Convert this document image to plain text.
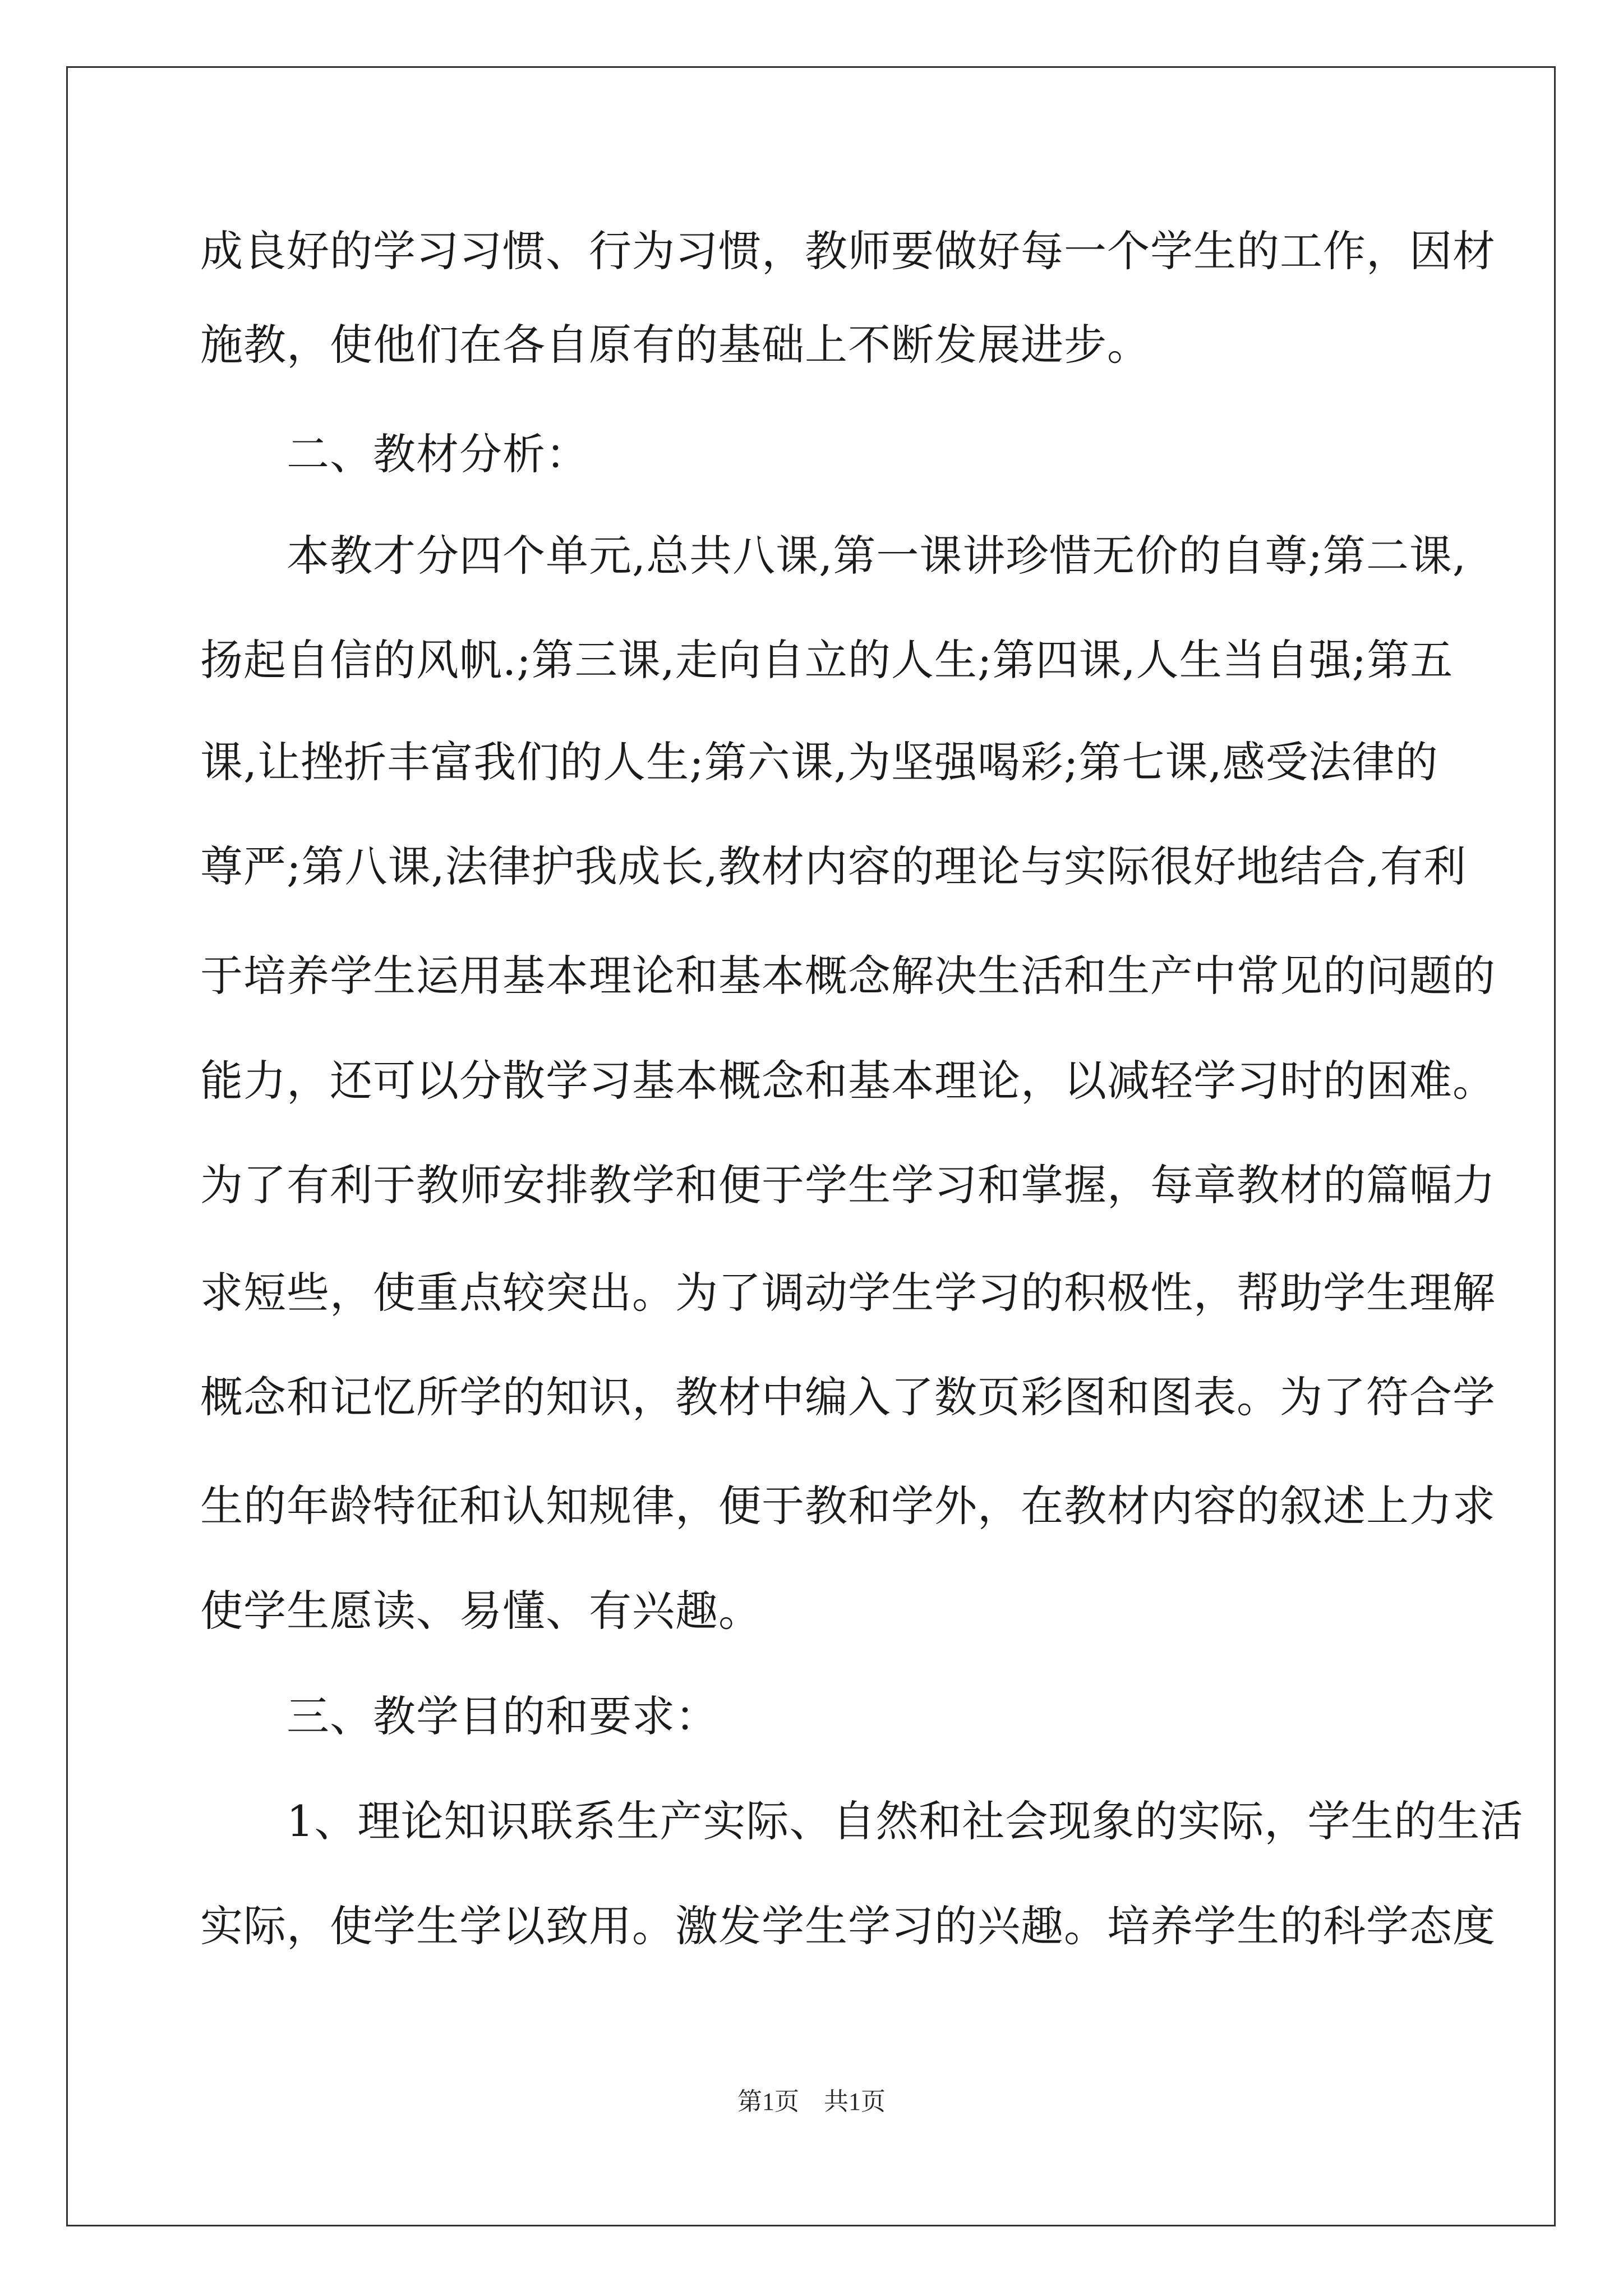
成良好的学习习惯、行为习惯，教师要做好每一个学生的工作，因材
施教，使他们在各自原有的基础上不断发展进步。
　　二、教材分析：
　　本教才分四个单元,总共八课,第一课讲珍惜无价的自尊;第二课,
扬起自信的风帆.;第三课,走向自立的人生;第四课,人生当自强;第五
课,让挫折丰富我们的人生;第六课,为坚强喝彩;第七课,感受法律的
尊严;第八课,法律护我成长,教材内容的理论与实际很好地结合,有利
于培养学生运用基本理论和基本概念解决生活和生产中常见的问题的
能力，还可以分散学习基本概念和基本理论，以减轻学习时的困难。
为了有利于教师安排教学和便于学生学习和掌握，每章教材的篇幅力
求短些，使重点较突出。为了调动学生学习的积极性，帮助学生理解
概念和记忆所学的知识，教材中编入了数页彩图和图表。为了符合学
生的年龄特征和认知规律，便于教和学外，在教材内容的叙述上力求
使学生愿读、易懂、有兴趣。
　　三、教学目的和要求：
　　1、理论知识联系生产实际、自然和社会现象的实际，学生的生活
实际，使学生学以致用。激发学生学习的兴趣。培养学生的科学态度
第1页　共1页
